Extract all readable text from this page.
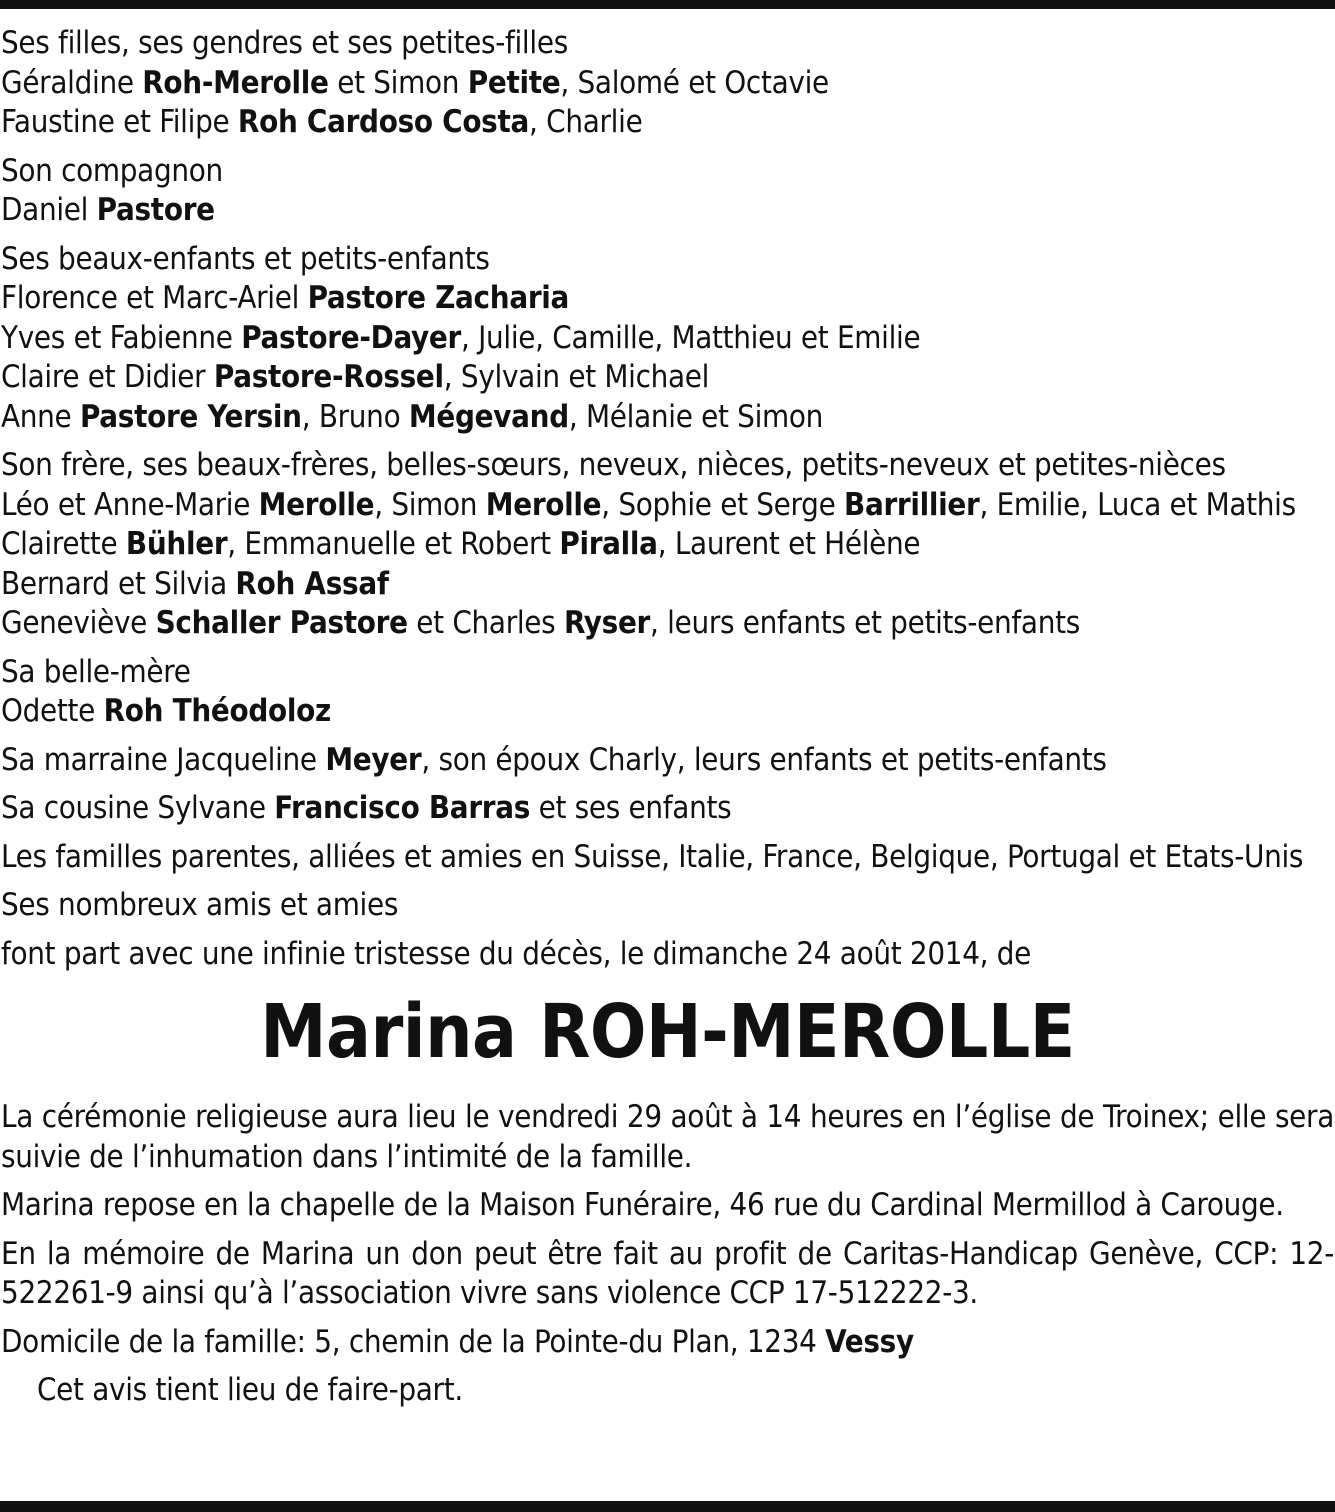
Ses filles, ses gendres et ses petites-filles
Géraldine Roh-Merolle et Simon Petite, Salomé et Octavie
Faustine et Filipe Roh Cardoso Costa, Charlie
Son compagnon
Daniel Pastore
Ses beaux-enfants et petits-enfants
Florence et Marc-Ariel Pastore Zacharia
Yves et Fabienne Pastore-Dayer, Julie, Camille, Matthieu et Emilie
Claire et Didier Pastore-Rossel, Sylvain et Michael
Anne Pastore Yersin, Bruno Mégevand, Mélanie et Simon
Son frère, ses beaux-frères, belles-sœurs, neveux, nièces, petits-neveux et petites-nièces
Léo et Anne-Marie Merolle, Simon Merolle, Sophie et Serge Barrillier, Emilie, Luca et Mathis
Clairette Bühler, Emmanuelle et Robert Piralla, Laurent et Hélène
Bernard et Silvia Roh Assaf
Geneviève Schaller Pastore et Charles Ryser, leurs enfants et petits-enfants
Sa belle-mère
Odette Roh Théodoloz
Sa marraine Jacqueline Meyer, son époux Charly, leurs enfants et petits-enfants
Sa cousine Sylvane Francisco Barras et ses enfants
Les familles parentes, alliées et amies en Suisse, Italie, France, Belgique, Portugal et Etats-Unis
Ses nombreux amis et amies
font part avec une infinie tristesse du décès, le dimanche 24 août 2014, de
Marina ROH-MEROLLE
La cérémonie religieuse aura lieu le vendredi 29 août à 14 heures en l’église de Troinex; elle sera suivie de l’inhumation dans l’intimité de la famille.
Marina repose en la chapelle de la Maison Funéraire, 46 rue du Cardinal Mermillod à Carouge.
En la mémoire de Marina un don peut être fait au profit de Caritas-Handicap Genève, CCP: 12-522261-9 ainsi qu’à l’association vivre sans violence CCP 17-512222-3.
Domicile de la famille: 5, chemin de la Pointe-du Plan, 1234 Vessy
Cet avis tient lieu de faire-part.
